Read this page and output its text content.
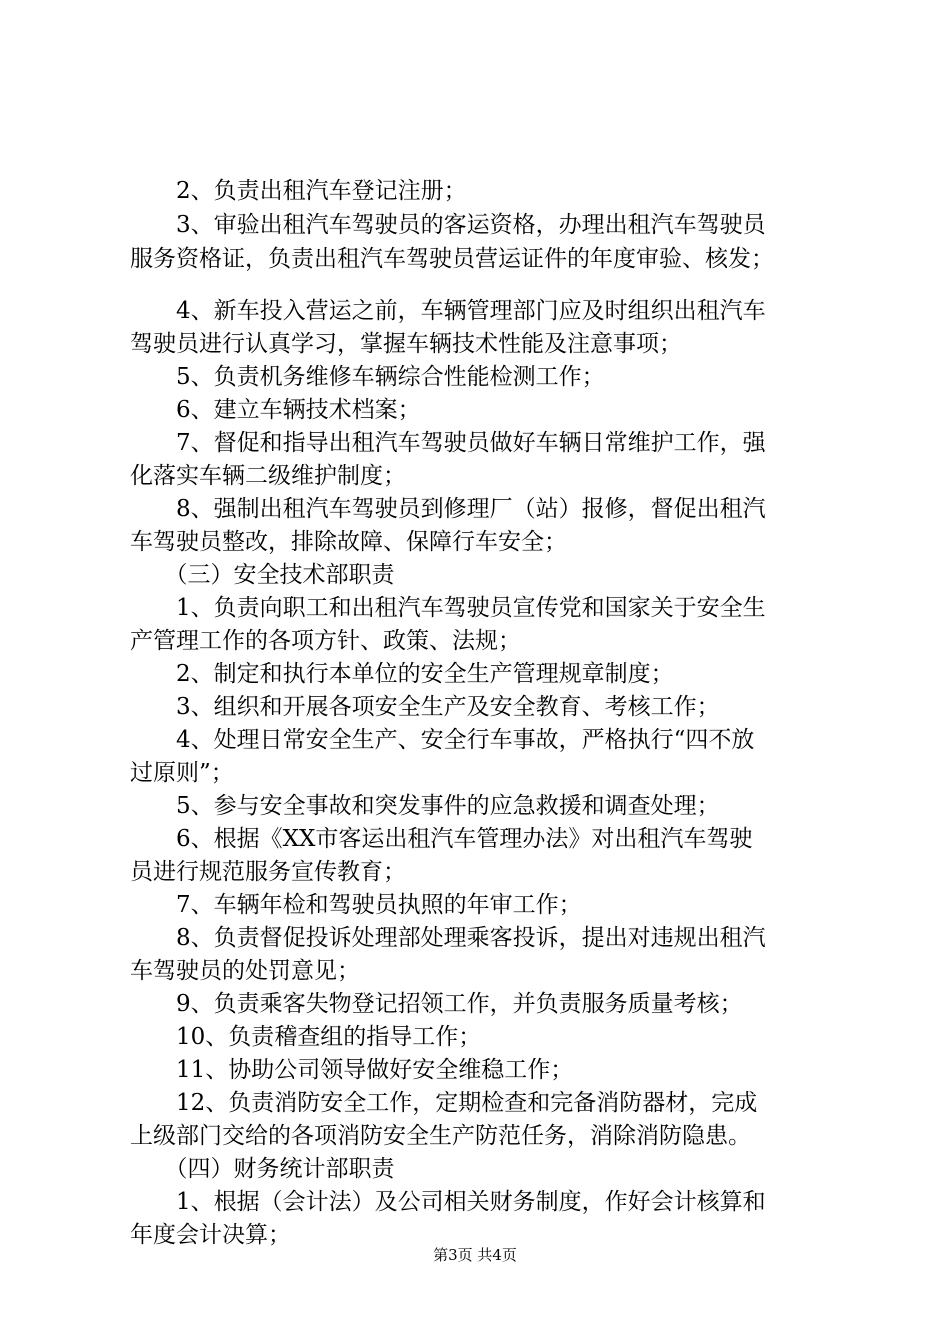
　　2、负责出租汽车登记注册；
　　3、审验出租汽车驾驶员的客运资格，办理出租汽车驾驶员
服务资格证，负责出租汽车驾驶员营运证件的年度审验、核发；
　　4、新车投入营运之前，车辆管理部门应及时组织出租汽车
驾驶员进行认真学习，掌握车辆技术性能及注意事项；
　　5、负责机务维修车辆综合性能检测工作；
　　6、建立车辆技术档案；
　　7、督促和指导出租汽车驾驶员做好车辆日常维护工作，强
化落实车辆二级维护制度；
　　8、强制出租汽车驾驶员到修理厂（站）报修，督促出租汽
车驾驶员整改，排除故障、保障行车安全；
　　（三）安全技术部职责
　　1、负责向职工和出租汽车驾驶员宣传党和国家关于安全生
产管理工作的各项方针、政策、法规；
　　2、制定和执行本单位的安全生产管理规章制度；
　　3、组织和开展各项安全生产及安全教育、考核工作；
　　4、处理日常安全生产、安全行车事故，严格执行“四不放
过原则”；
　　5、参与安全事故和突发事件的应急救援和调查处理；
　　6、根据《XX市客运出租汽车管理办法》对出租汽车驾驶
员进行规范服务宣传教育；
　　7、车辆年检和驾驶员执照的年审工作；
　　8、负责督促投诉处理部处理乘客投诉，提出对违规出租汽
车驾驶员的处罚意见；
　　9、负责乘客失物登记招领工作，并负责服务质量考核；
　　10、负责稽查组的指导工作；
　　11、协助公司领导做好安全维稳工作；
　　12、负责消防安全工作，定期检查和完备消防器材，完成
上级部门交给的各项消防安全生产防范任务，消除消防隐患。
　　（四）财务统计部职责
　　1、根据（会计法）及公司相关财务制度，作好会计核算和
年度会计决算；
第3页 共4页
